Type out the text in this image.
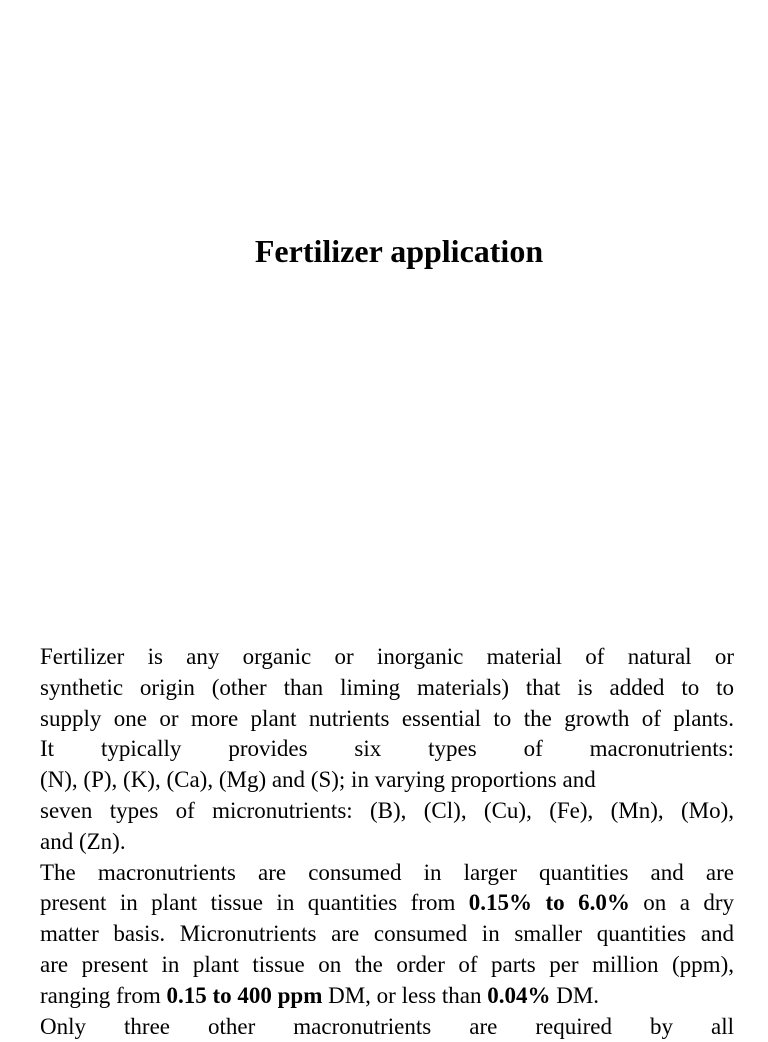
Fertilizer application

Fertilizer is any organic or inorganic material of natural or
synthetic origin (other than liming materials) that is added to to
supply one or more plant nutrients essential to the growth of plants.

It typically provides six types of macronutrients:
(N), (P), (K), (Ca), (Mg) and (S); in varying proportions and

seven types of micronutrients: (B), (Cl), (Cu), (Fe), (Mn), (Mo),
and (Zn).

The macronutrients are consumed in larger quantities and are
present in plant tissue in quantities from 0.15% to 6.0% on a dry
matter basis. Micronutrients are consumed in smaller quantities and
are present in plant tissue on the order of parts per million (ppm),
ranging from 0.15 to 400 ppm DM, or less than 0.04% DM.

Only three other macronutrients are required by all
